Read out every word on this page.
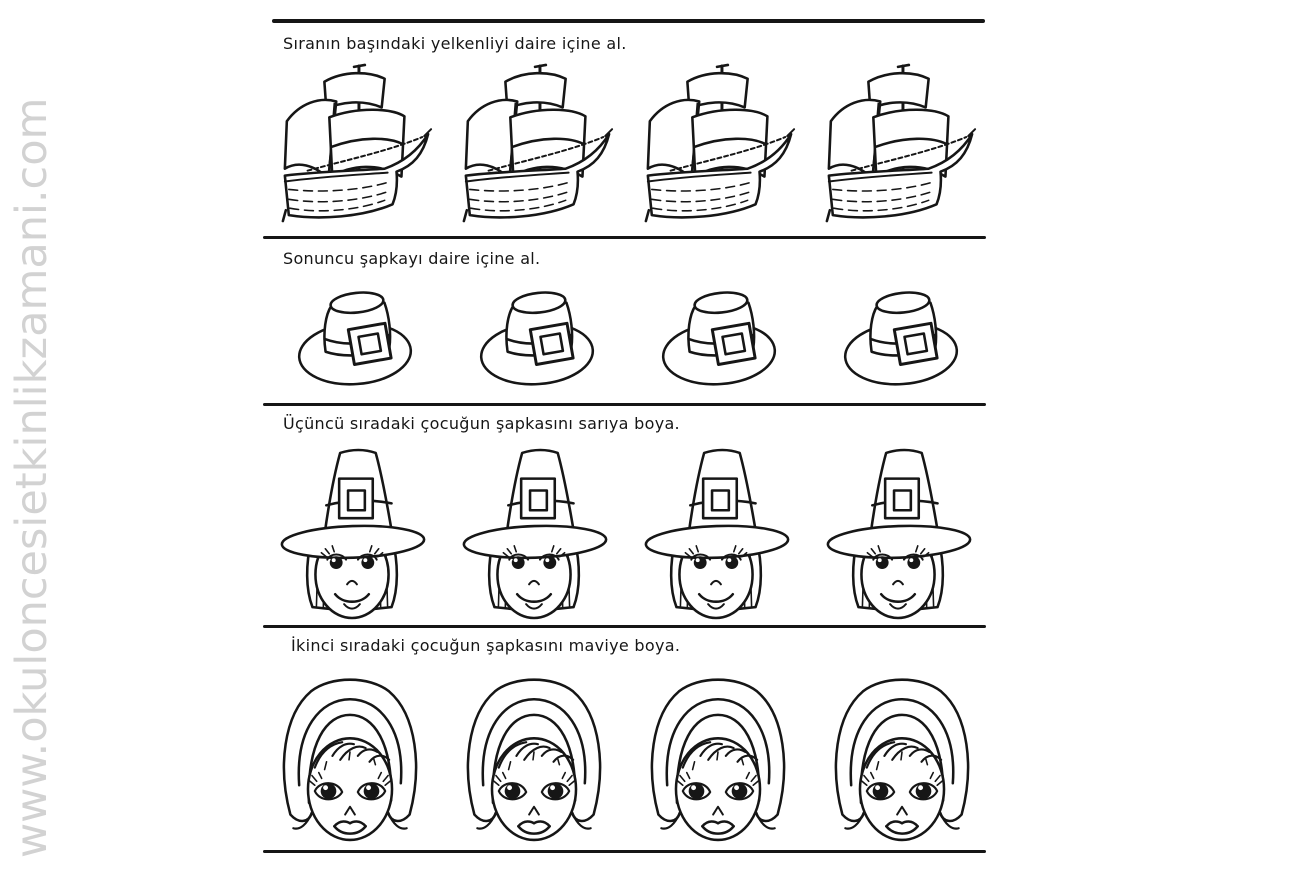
www.okuloncesietkinlikzamani.com
Sıranın başındaki yelkenliyi daire içine al.
Sonuncu şapkayı daire içine al.
Üçüncü sıradaki çocuğun şapkasını sarıya boya.
İkinci sıradaki çocuğun şapkasını maviye boya.
